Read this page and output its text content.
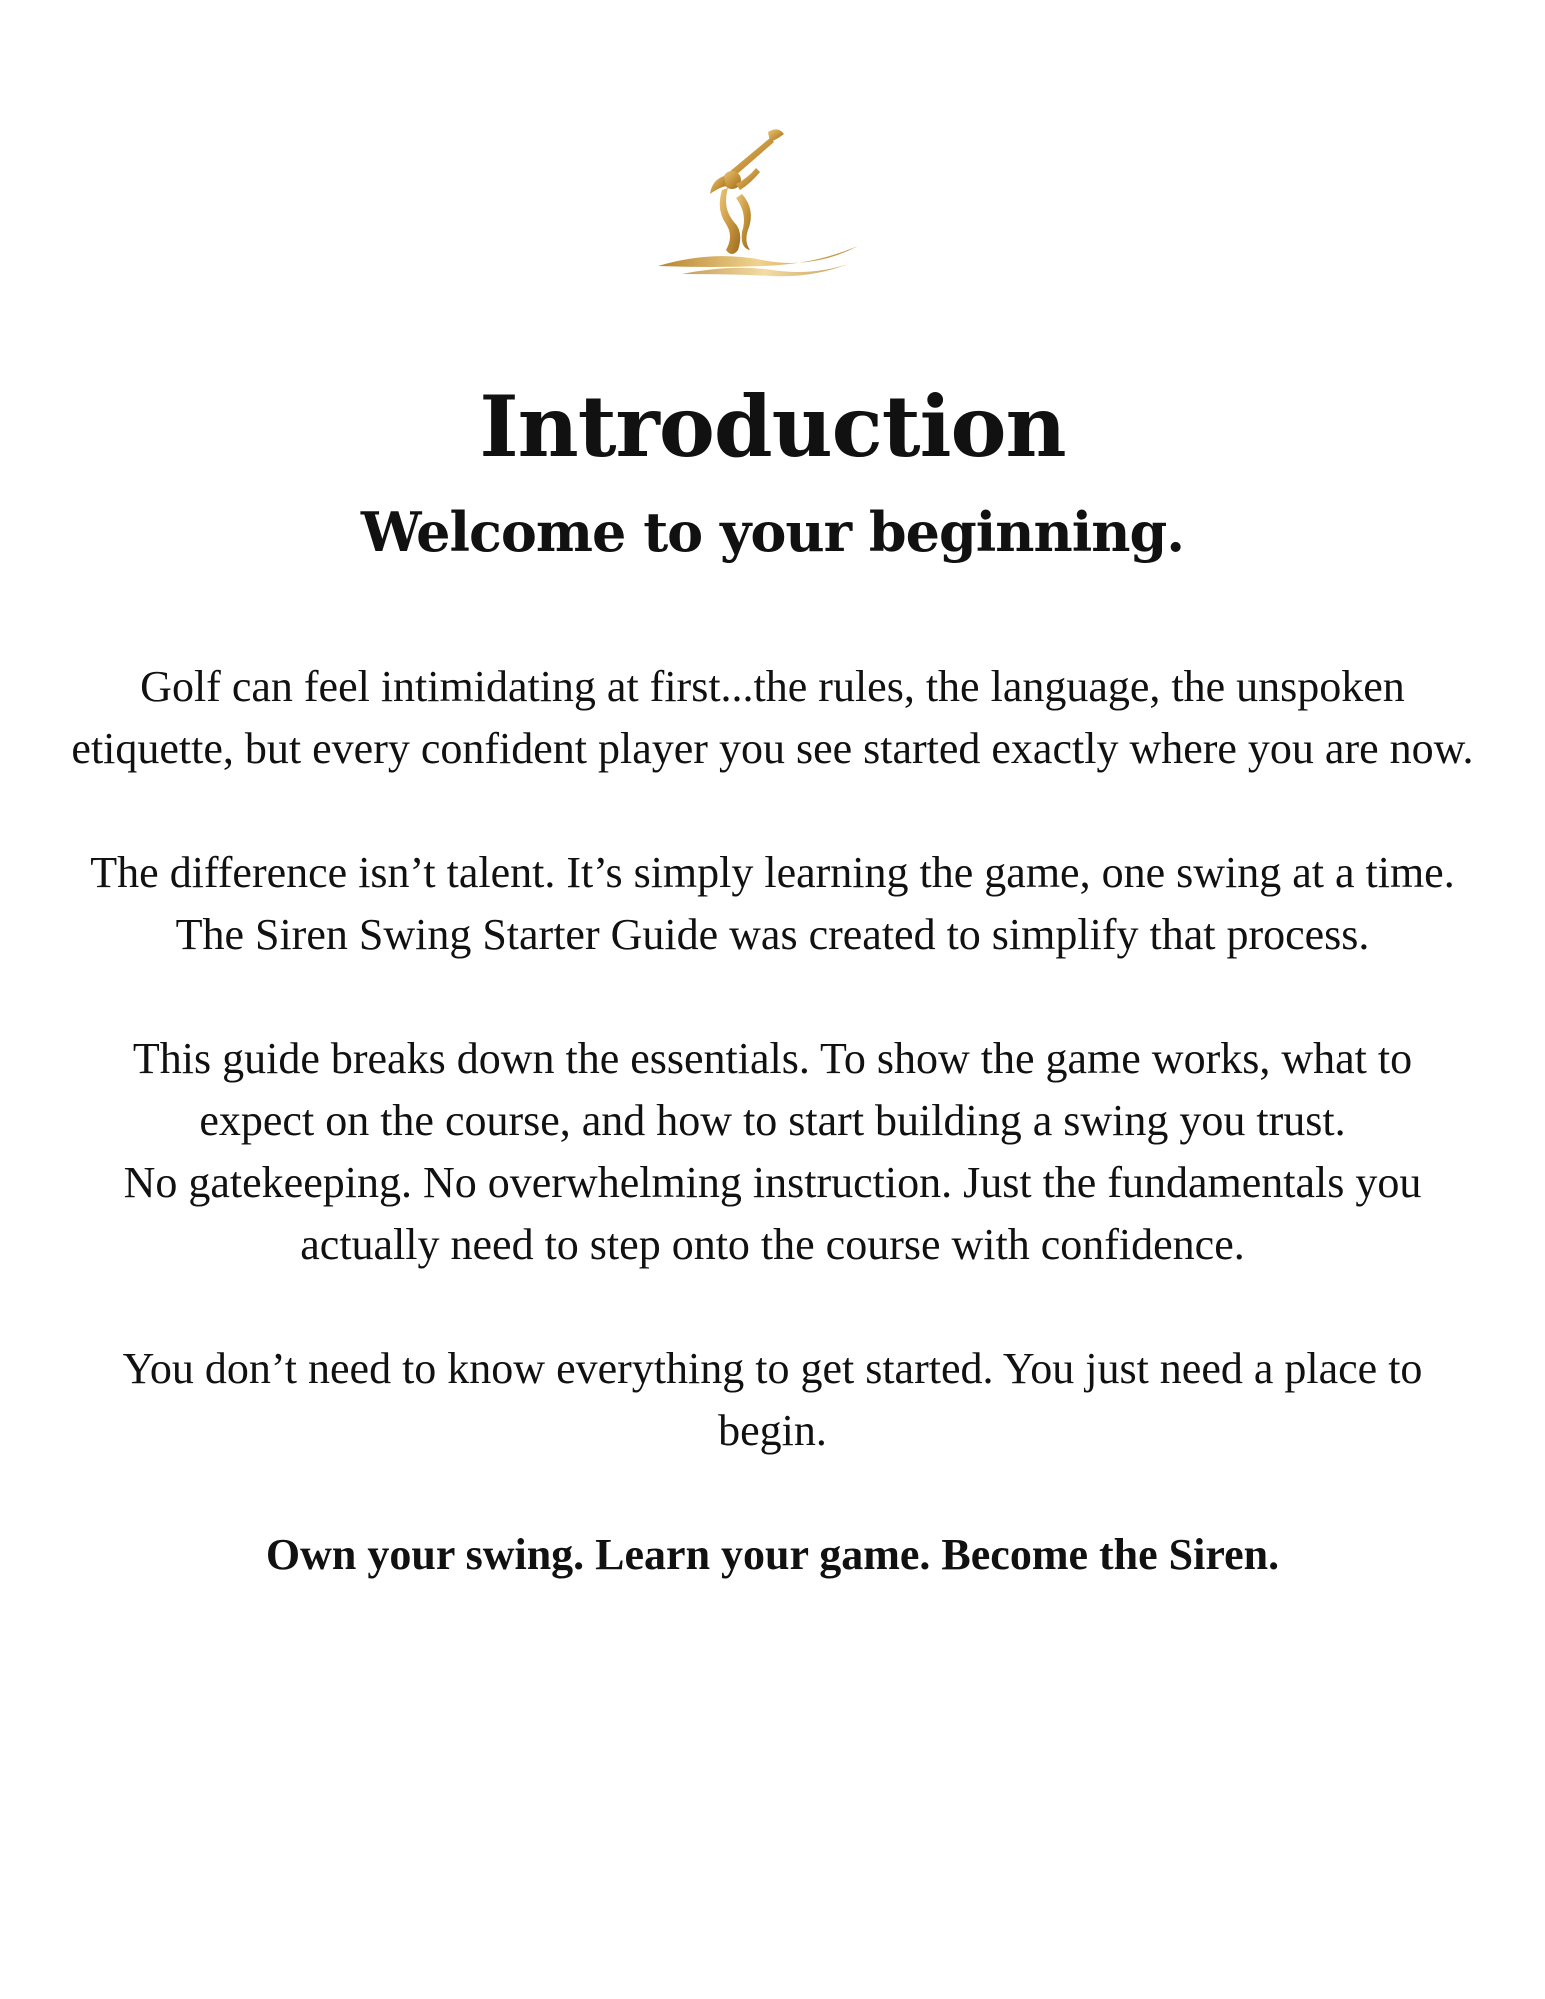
Introduction
Welcome to your beginning.

Golf can feel intimidating at first...the rules, the language, the unspoken etiquette, but every confident player you see started exactly where you are now.

The difference isn’t talent. It’s simply learning the game, one swing at a time. The Siren Swing Starter Guide was created to simplify that process.

This guide breaks down the essentials. To show the game works, what to expect on the course, and how to start building a swing you trust.

No gatekeeping. No overwhelming instruction. Just the fundamentals you actually need to step onto the course with confidence.

You don’t need to know everything to get started. You just need a place to begin.

Own your swing. Learn your game. Become the Siren.
